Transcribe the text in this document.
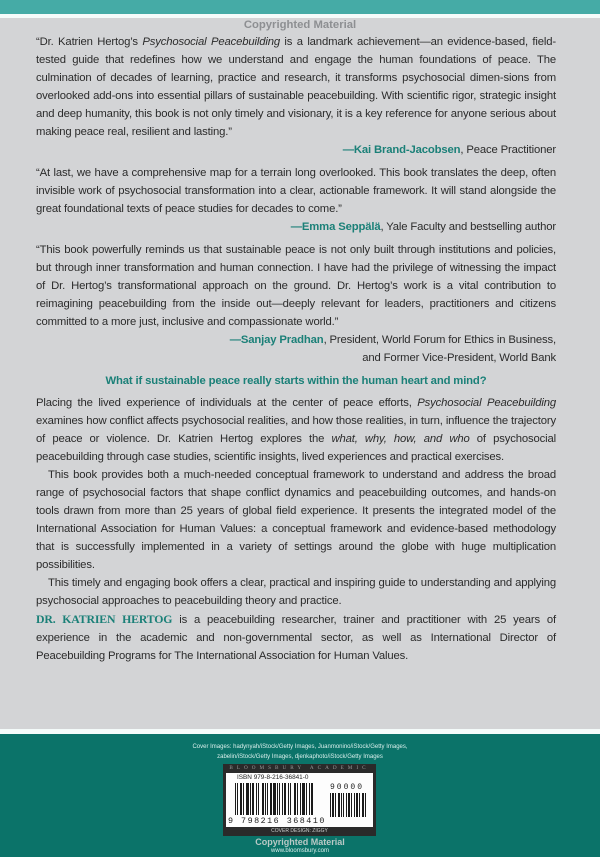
Copyrighted Material

“Dr. Katrien Hertog’s Psychosocial Peacebuilding is a landmark achievement—an evidence-based, field-tested guide that redefines how we understand and engage the human foundations of peace. The culmination of decades of learning, practice and research, it transforms psychosocial dimen-sions from overlooked add-ons into essential pillars of sustainable peacebuilding. With scientific rigor, strategic insight and deep humanity, this book is not only timely and visionary, it is a key reference for anyone serious about making peace real, resilient and lasting.”

—Kai Brand-Jacobsen, Peace Practitioner

“At last, we have a comprehensive map for a terrain long overlooked. This book translates the deep, often invisible work of psychosocial transformation into a clear, actionable framework. It will stand alongside the great foundational texts of peace studies for decades to come.”

—Emma Seppälä, Yale Faculty and bestselling author

“This book powerfully reminds us that sustainable peace is not only built through institutions and policies, but through inner transformation and human connection. I have had the privilege of witnessing the impact of Dr. Hertog’s transformational approach on the ground. Dr. Hertog’s work is a vital contribution to reimagining peacebuilding from the inside out—deeply relevant for leaders, practitioners and citizens committed to a more just, inclusive and compassionate world.”

—Sanjay Pradhan, President, World Forum for Ethics in Business,

and Former Vice-President, World Bank

What if sustainable peace really starts within the human heart and mind?

Placing the lived experience of individuals at the center of peace efforts, Psychosocial Peacebuilding examines how conflict affects psychosocial realities, and how those realities, in turn, influence the trajectory of peace or violence. Dr. Katrien Hertog explores the what, why, how, and who of psychosocial peacebuilding through case studies, scientific insights, lived experiences and practical exercises.

This book provides both a much-needed conceptual framework to understand and address the broad range of psychosocial factors that shape conflict dynamics and peacebuilding outcomes, and hands-on tools drawn from more than 25 years of global field experience. It presents the integrated model of the International Association for Human Values: a conceptual framework and evidence-based methodology that is successfully implemented in a variety of settings around the globe with huge multiplication possibilities.

This timely and engaging book offers a clear, practical and inspiring guide to understanding and applying psychosocial approaches to peacebuilding theory and practice.

DR. KATRIEN HERTOG is a peacebuilding researcher, trainer and practitioner with 25 years of experience in the academic and non-governmental sector, as well as International Director of Peacebuilding Programs for The International Association for Human Values.

Cover Images: hadynyah/iStock/Getty Images, Juanmonino/iStock/Getty Images,
zabelin/iStock/Getty Images, djenkaphoto/iStock/Getty Images
BLOOMSBURY ACADEMIC
ISBN 979-8-216-36841-0
90000
9 798216 368410
COVER DESIGN: ZIGGY
Copyrighted Material
www.bloomsbury.com
